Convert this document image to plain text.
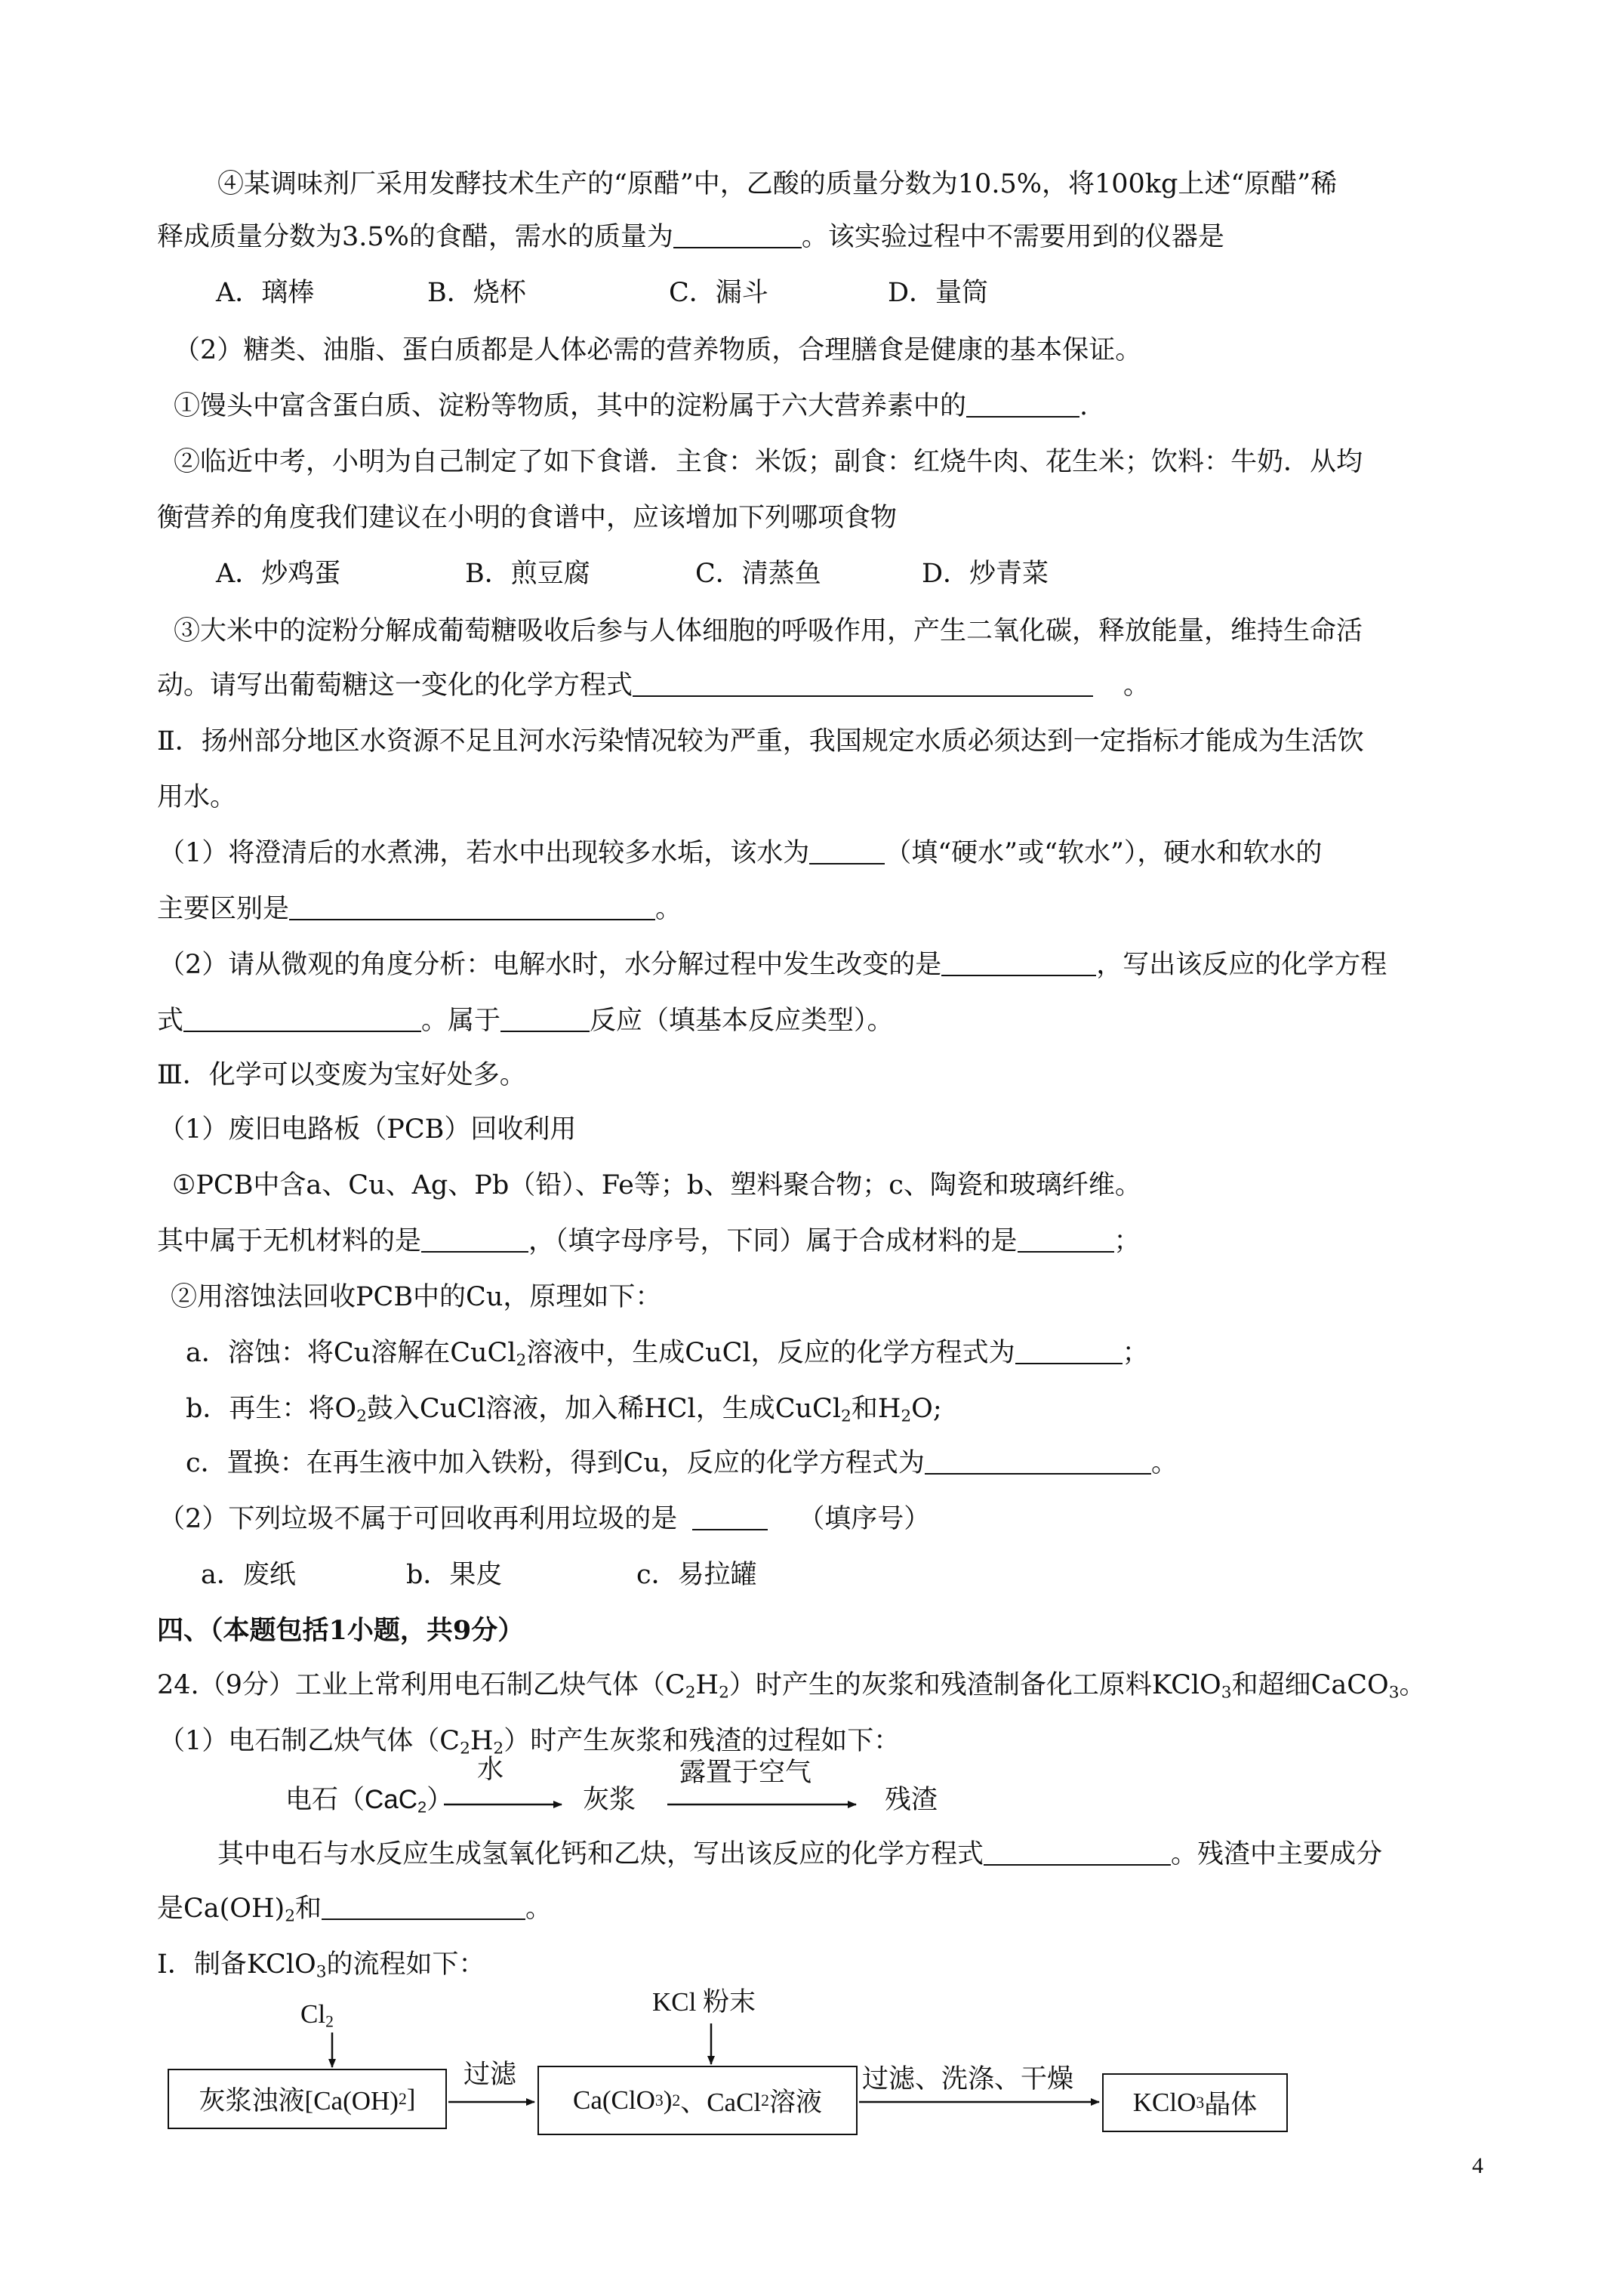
④某调味剂厂采用发酵技术生产的“原醋”中，乙酸的质量分数为10.5%，将100kg上述“原醋”稀
释成质量分数为3.5%的食醋，需水的质量为	。该实验过程中不需要用到的仪器是
A．璃棒	B．烧杯	C．漏斗	D．量筒
（2）糖类、油脂、蛋白质都是人体必需的营养物质，合理膳食是健康的基本保证。
①馒头中富含蛋白质、淀粉等物质，其中的淀粉属于六大营养素中的	.
②临近中考，小明为自己制定了如下食谱．主食：米饭；副食：红烧牛肉、花生米；饮料：牛奶．从均
衡营养的角度我们建议在小明的食谱中，应该增加下列哪项食物
A．炒鸡蛋	B．煎豆腐	C．清蒸鱼	D．炒青菜
③大米中的淀粉分解成葡萄糖吸收后参与人体细胞的呼吸作用，产生二氧化碳，释放能量，维持生命活
动。请写出葡萄糖这一变化的化学方程式	。
Ⅱ．扬州部分地区水资源不足且河水污染情况较为严重，我国规定水质必须达到一定指标才能成为生活饮
用水。
（1）将澄清后的水煮沸，若水中出现较多水垢，该水为	（填“硬水”或“软水”），硬水和软水的
主要区别是	。
（2）请从微观的角度分析：电解水时，水分解过程中发生改变的是	，写出该反应的化学方程
式	。属于	反应（填基本反应类型）。
Ⅲ．化学可以变废为宝好处多。
（1）废旧电路板（PCB）回收利用
①PCB中含a、Cu、Ag、Pb（铅）、Fe等；b、塑料聚合物；c、陶瓷和玻璃纤维。
其中属于无机材料的是	，（填字母序号，下同）属于合成材料的是	；
②用溶蚀法回收PCB中的Cu，原理如下：
a．溶蚀：将Cu溶解在CuCl$_2$溶液中，生成CuCl，反应的化学方程式为	；
b．再生：将$O_2$鼓入CuCl溶液，加入稀HCl，生成CuCl$_2$和$H_2O$;
c．置换：在再生液中加入铁粉，得到Cu，反应的化学方程式为	。
（2）下列垃圾不属于可回收再利用垃圾的是	（填序号）
a．废纸	b．果皮	c．易拉罐
四、（本题包括1小题，共9分）
24.（9分）工业上常利用电石制乙炔气体$(C_2H_2)$时产生的灰浆和残渣制备化工原料KClO$_3$和超细CaCO$_3$。
（1）电石制乙炔气体$(C_2H_2)$时产生灰浆和残渣的过程如下：
电石（CaC$_2$）
水
灰浆
露置于空气
残渣
其中电石与水反应生成氢氧化钙和乙炔，写出该反应的化学方程式	。残渣中主要成分
是$Ca(OH)_2$和	。
Ⅰ．制备KClO$_3$的流程如下：
$Cl_2$
KCl 粉末
灰浆浊液[Ca(OH) 2 ]
过滤
Ca(ClO 3 ) 2 、CaCl 2 溶液
过滤、洗涤、干燥
KClO 3 晶体
4
